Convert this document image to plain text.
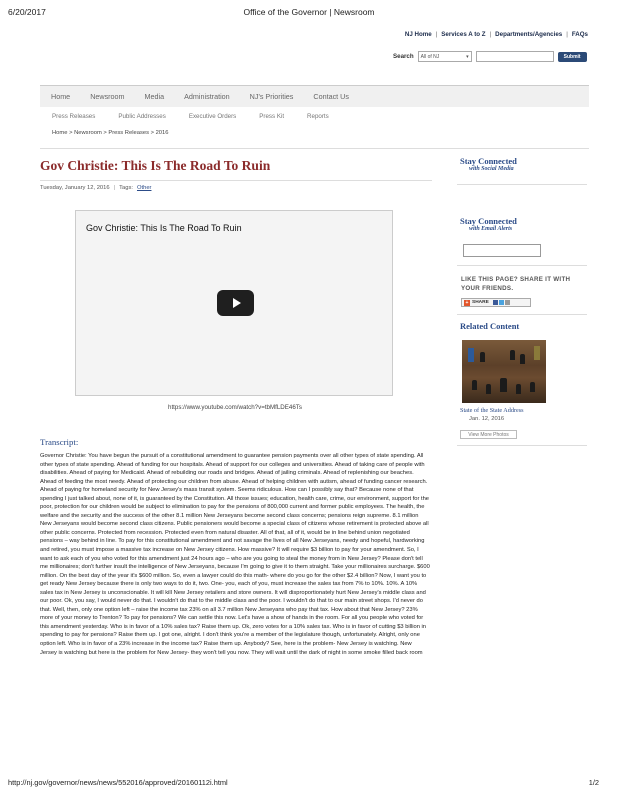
6/20/2017	Office of the Governor | Newsroom
NJ Home | Services A to Z | Departments/Agencies | FAQs
Search All of NJ	▾	Submit
Home	Newsroom	Media	Administration	NJ's Priorities	Contact Us
Press Releases	Public Addresses	Executive Orders	Press Kit	Reports
Home > Newsroom > Press Releases > 2016
Gov Christie: This Is The Road To Ruin
Tuesday, January 12, 2016 | Tags: Other
Gov Christie: This Is The Road To Ruin
https://www.youtube.com/watch?v=tbMfLDE46Ts
Transcript:

Governor Christie: You have begun the pursuit of a constitutional amendment to guarantee pension payments over all other types of state spending. All other types of state spending. Ahead of funding for our hospitals. Ahead of support for our colleges and universities. Ahead of taking care of people with disabilities. Ahead of paying for Medicaid. Ahead of rebuilding our roads and bridges. Ahead of jailing criminals. Ahead of replenishing our beaches. Ahead of feeding the most needy. Ahead of protecting our children from abuse. Ahead of helping children with autism, ahead of funding cancer research. Ahead of paying for homeland security for New Jersey's mass transit system. Seems ridiculous. How can I possibly say that? Because none of that spending I just talked about, none of it, is guaranteed by the Constitution. All those issues; education, health care, crime, our environment, support for the poor, protection for our children would be subject to elimination to pay for the pensions of 800,000 current and former public employees. The health, the welfare and the security and the success of the other 8.1 million New Jerseyans become second class concerns; pensions reign supreme. 8.1 million New Jerseyans would become second class citizens. Public pensioners would become a special class of citizens whose retirement is protected above all other public concerns. Protected from recession. Protected even from natural disaster. All of that, all of it, would be in line behind union negotiated pensions – way behind in line. To pay for this constitutional amendment and not savage the lives of all New Jerseyans, needy and hopeful, hardworking and retired, you must impose a massive tax increase on New Jersey citizens. How massive? It will require $3 billion to pay for your amendment. So, I want to ask each of you who voted for this amendment just 24 hours ago – who are you going to steal the money from in New Jersey? Please don't tell me millionaires; don't further insult the intelligence of New Jerseyans, because I'm going to give it to them straight. Take your millionaires surcharge. $600 million. On the best day of the year it's $600 million. So, even a lawyer could do this math- where do you go for the other $2.4 billion? Now, I want you to get ready New Jersey because there is only two ways to do it, two. One- you, each of you, must increase the sales tax from 7% to 10%. 10%. A 10% sales tax in New Jersey is unconscionable. It will kill New Jersey retailers and store owners. It will disproportionately hurt New Jersey's middle class and our poor. Ok, you say, I would never do that. I wouldn't do that to the middle class and the poor. I wouldn't do that to our main street shops. I'd never do that. Well, then, only one option left – raise the income tax 23% on all 3.7 million New Jerseyans who pay that tax. How about that New Jersey? 23% more of your money to Trenton? To pay for pensions? We can settle this now. Let's have a show of hands in the room. For all you people who voted for this amendment yesterday. Who is in favor of a 10% sales tax? Raise them up. Ok, zero votes for a 10% sales tax. Who is in favor of cutting $3 billion in spending to pay for pensions? Raise them up. I got one, alright. I don't think you're a member of the legislature though, unfortunately. Alright, only one option left. Who is in favor of a 23% increase in the income tax? Raise them up. Anybody? See, here is the problem- New Jersey is watching. New Jersey is watching but here is the problem for New Jersey- they won't tell you now. They will wait until the dark of night in some smoke filled back room

Stay Connected
with Social Media
Stay Connected
with Email Alerts
LIKE THIS PAGE? SHARE IT WITH YOUR FRIENDS.
+ SHARE
Related Content
State of the State Address
Jan. 12, 2016
View More Photos
http://nj.gov/governor/news/news/552016/approved/20160112i.html	1/2
